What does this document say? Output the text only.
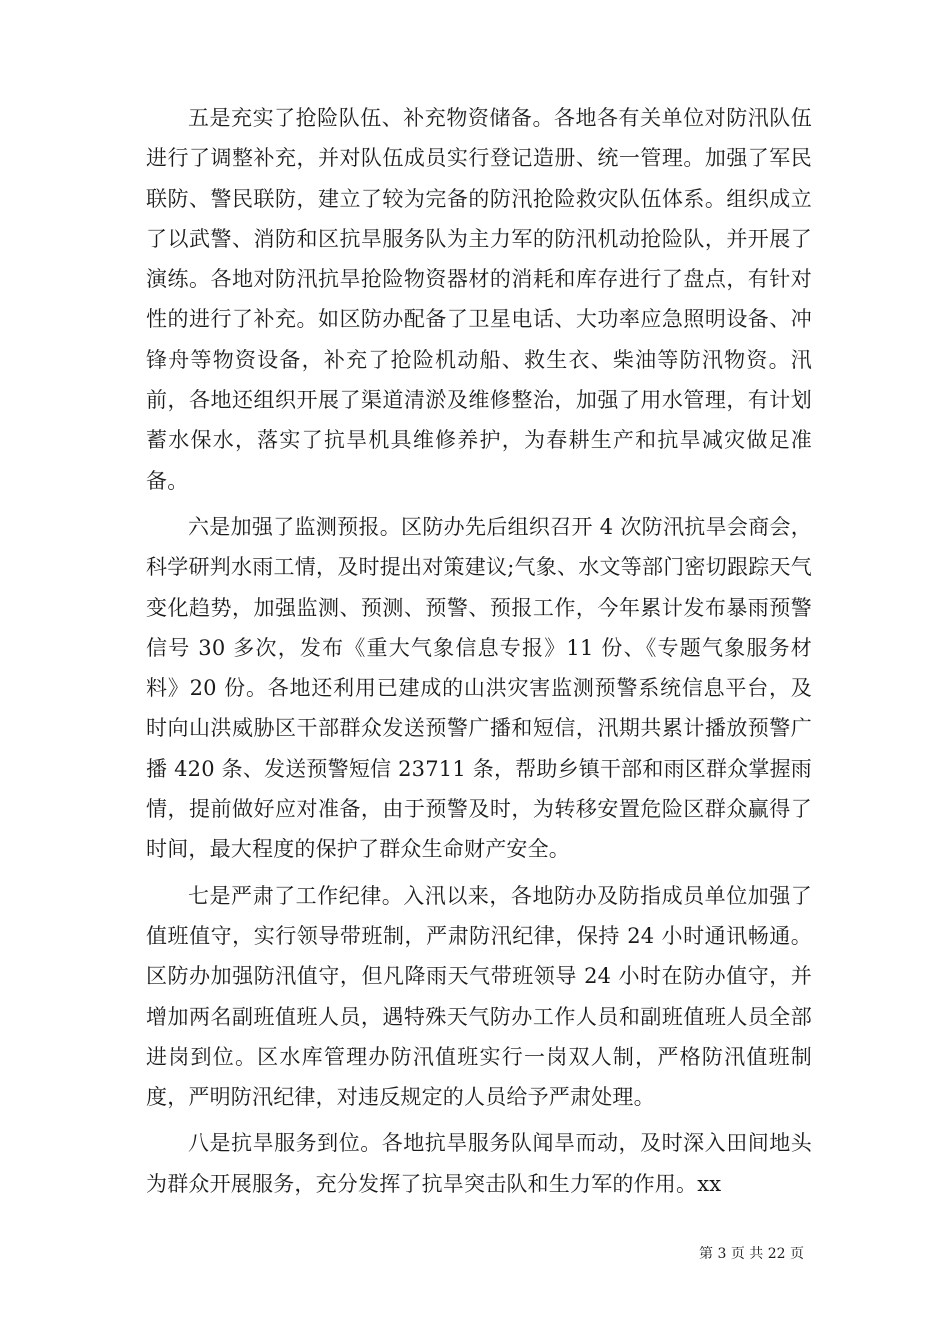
五是充实了抢险队伍、补充物资储备。各地各有关单位对防汛队伍进行了调整补充，并对队伍成员实行登记造册、统一管理。加强了军民联防、警民联防，建立了较为完备的防汛抢险救灾队伍体系。组织成立了以武警、消防和区抗旱服务队为主力军的防汛机动抢险队，并开展了演练。各地对防汛抗旱抢险物资器材的消耗和库存进行了盘点，有针对性的进行了补充。如区防办配备了卫星电话、大功率应急照明设备、冲锋舟等物资设备，补充了抢险机动船、救生衣、柴油等防汛物资。汛前，各地还组织开展了渠道清淤及维修整治，加强了用水管理，有计划蓄水保水，落实了抗旱机具维修养护，为春耕生产和抗旱减灾做足准备。

六是加强了监测预报。区防办先后组织召开 4 次防汛抗旱会商会，科学研判水雨工情，及时提出对策建议;气象、水文等部门密切跟踪天气变化趋势，加强监测、预测、预警、预报工作，今年累计发布暴雨预警信号 30 多次，发布《重大气象信息专报》11 份、《专题气象服务材料》20 份。各地还利用已建成的山洪灾害监测预警系统信息平台，及时向山洪威胁区干部群众发送预警广播和短信，汛期共累计播放预警广播 420 条、发送预警短信 23711 条，帮助乡镇干部和雨区群众掌握雨情，提前做好应对准备，由于预警及时，为转移安置危险区群众赢得了时间，最大程度的保护了群众生命财产安全。

七是严肃了工作纪律。入汛以来，各地防办及防指成员单位加强了值班值守，实行领导带班制，严肃防汛纪律，保持 24 小时通讯畅通。区防办加强防汛值守，但凡降雨天气带班领导 24 小时在防办值守，并增加两名副班值班人员，遇特殊天气防办工作人员和副班值班人员全部进岗到位。区水库管理办防汛值班实行一岗双人制，严格防汛值班制度，严明防汛纪律，对违反规定的人员给予严肃处理。

八是抗旱服务到位。各地抗旱服务队闻旱而动，及时深入田间地头为群众开展服务，充分发挥了抗旱突击队和生力军的作用。xx

第 3 页 共 22 页
